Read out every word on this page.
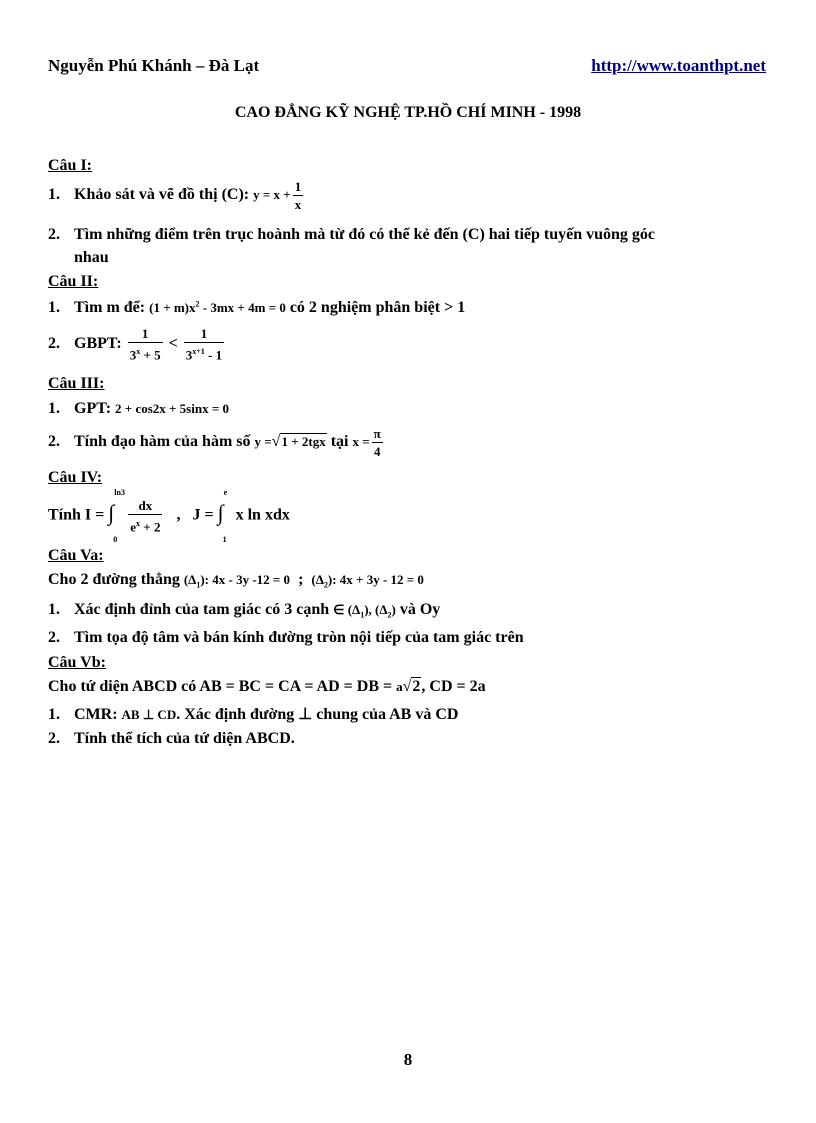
Nguyễn Phú Khánh – Đà Lạt	http://www.toanthpt.net
CAO ĐẲNG KỸ NGHỆ TP.HỒ CHÍ MINH - 1998
Câu I:
1. Khảo sát và vẽ đồ thị (C): $y = x + \frac{1}{x}$
2. Tìm những điểm trên trục hoành mà từ đó có thể kẻ đến (C) hai tiếp tuyến vuông góc
nhau
Câu II:
1. Tìm m để: $(1 + m)x^2 - 3mx + 4m = 0$ có 2 nghiệm phân biệt > 1
2. GBPT: $\frac{1}{3^x + 5} < \frac{1}{3^{x+1} - 1}$
Câu III:
1. GPT: 2 + cos2x + 5sinx = 0
2. Tính đạo hàm của hàm số y =√1 + 2tgx tại $x = \frac{\pi}{4}$
Câu IV:
Tính I =
ln3
∫
0

$\frac{dx}{e^x + 2}$ , J =
e
∫
1
x ln xdx
Câu Va:
Cho 2 đường thẳng $(\Delta_1)$: 4x - 3y -12 = 0 ; $(\Delta_2)$: 4x + 3y - 12 = 0
1. Xác định đỉnh của tam giác có 3 cạnh ∈ $(\Delta_1)$, $(\Delta_2)$ và Oy
2. Tìm tọa độ tâm và bán kính đường tròn nội tiếp của tam giác trên
Câu Vb:
Cho tứ diện ABCD có AB = BC = CA = AD = DB = a√2, CD = 2a
1. CMR: AB ⊥ CD. Xác định đường ⊥ chung của AB và CD
2. Tính thể tích của tứ diện ABCD.
8
